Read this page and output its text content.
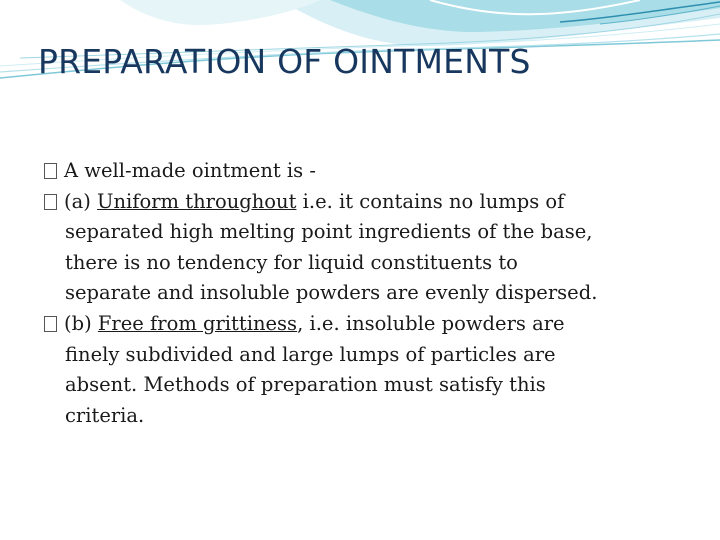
PREPARATION OF OINTMENTS
A well-made ointment is -
(a) Uniform throughout i.e. it contains no lumps of
separated high melting point ingredients of the base,
there is no tendency for liquid constituents to
separate and insoluble powders are evenly dispersed.
(b) Free from grittiness, i.e. insoluble powders are
finely subdivided and large lumps of particles are
absent. Methods of preparation must satisfy this
criteria.
